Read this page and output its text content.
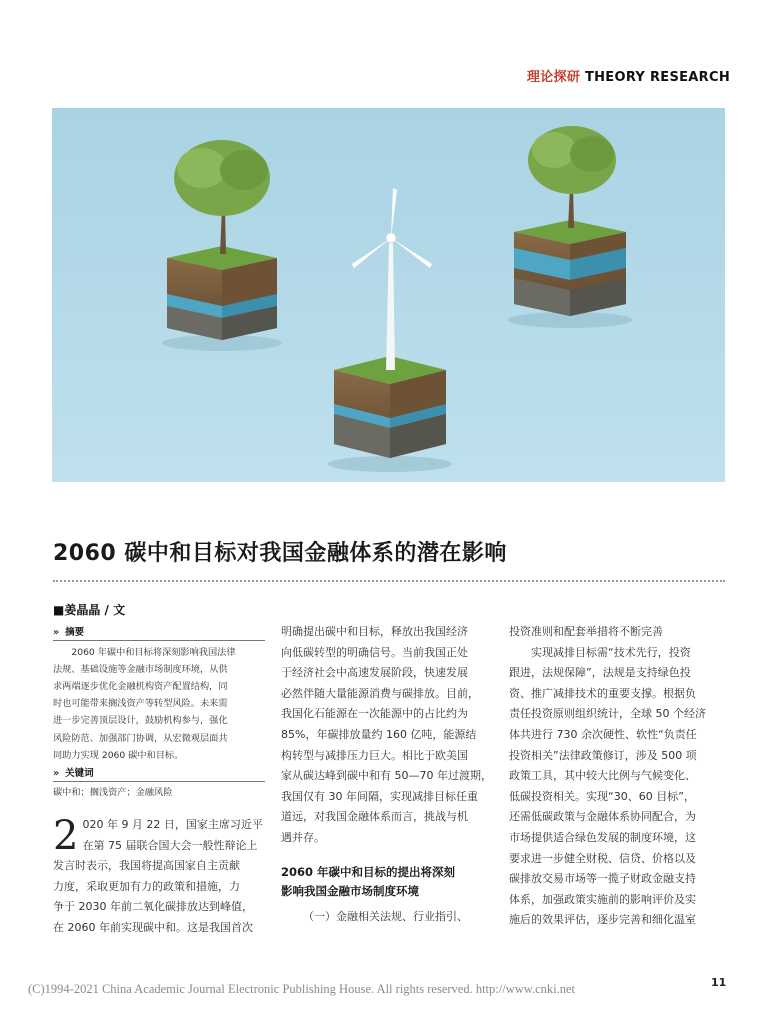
理论探研 THEORY RESEARCH
2060 碳中和目标对我国金融体系的潜在影响
■姜晶晶 / 文
» 摘要

2060 年碳中和目标将深刻影响我国法律

法规、基础设施等金融市场制度环境，从供

求两端逐步优化金融机构资产配置结构，同

时也可能带来搁浅资产等转型风险。未来需

进一步完善顶层设计，鼓励机构参与，强化

风险防范、加强部门协调，从宏微观层面共

同助力实现 2060 碳中和目标。

» 关键词
碳中和；搁浅资产；金融风险
2 020 年 9 月 22 日，国家主席习近平

在第 75 届联合国大会一般性辩论上

发言时表示，我国将提高国家自主贡献

力度，采取更加有力的政策和措施，力

争于 2030 年前二氧化碳排放达到峰值，

在 2060 年前实现碳中和。这是我国首次

明确提出碳中和目标，释放出我国经济

向低碳转型的明确信号。当前我国正处

于经济社会中高速发展阶段，快速发展

必然伴随大量能源消费与碳排放。目前，

我国化石能源在一次能源中的占比约为

85%，年碳排放量约 160 亿吨，能源结

构转型与减排压力巨大。相比于欧美国

家从碳达峰到碳中和有 50—70 年过渡期，

我国仅有 30 年间隔，实现减排目标任重

道远，对我国金融体系而言，挑战与机

遇并存。

2060 年碳中和目标的提出将深刻
影响我国金融市场制度环境

（一）金融相关法规、行业指引、

投资准则和配套举措将不断完善

实现减排目标需“技术先行，投资

跟进，法规保障”，法规是支持绿色投

资、推广减排技术的重要支撑。根据负

责任投资原则组织统计，全球 50 个经济

体共进行 730 余次硬性、软性“负责任

投资相关”法律政策修订，涉及 500 项

政策工具，其中较大比例与气候变化、

低碳投资相关。实现“30、60 目标”，

还需低碳政策与金融体系协同配合，为

市场提供适合绿色发展的制度环境，这

要求进一步健全财税、信贷、价格以及

碳排放交易市场等一揽子财政金融支持

体系，加强政策实施前的影响评价及实

施后的效果评估，逐步完善和细化温室

11
(C)1994-2021 China Academic Journal Electronic Publishing House. All rights reserved. http://www.cnki.net
